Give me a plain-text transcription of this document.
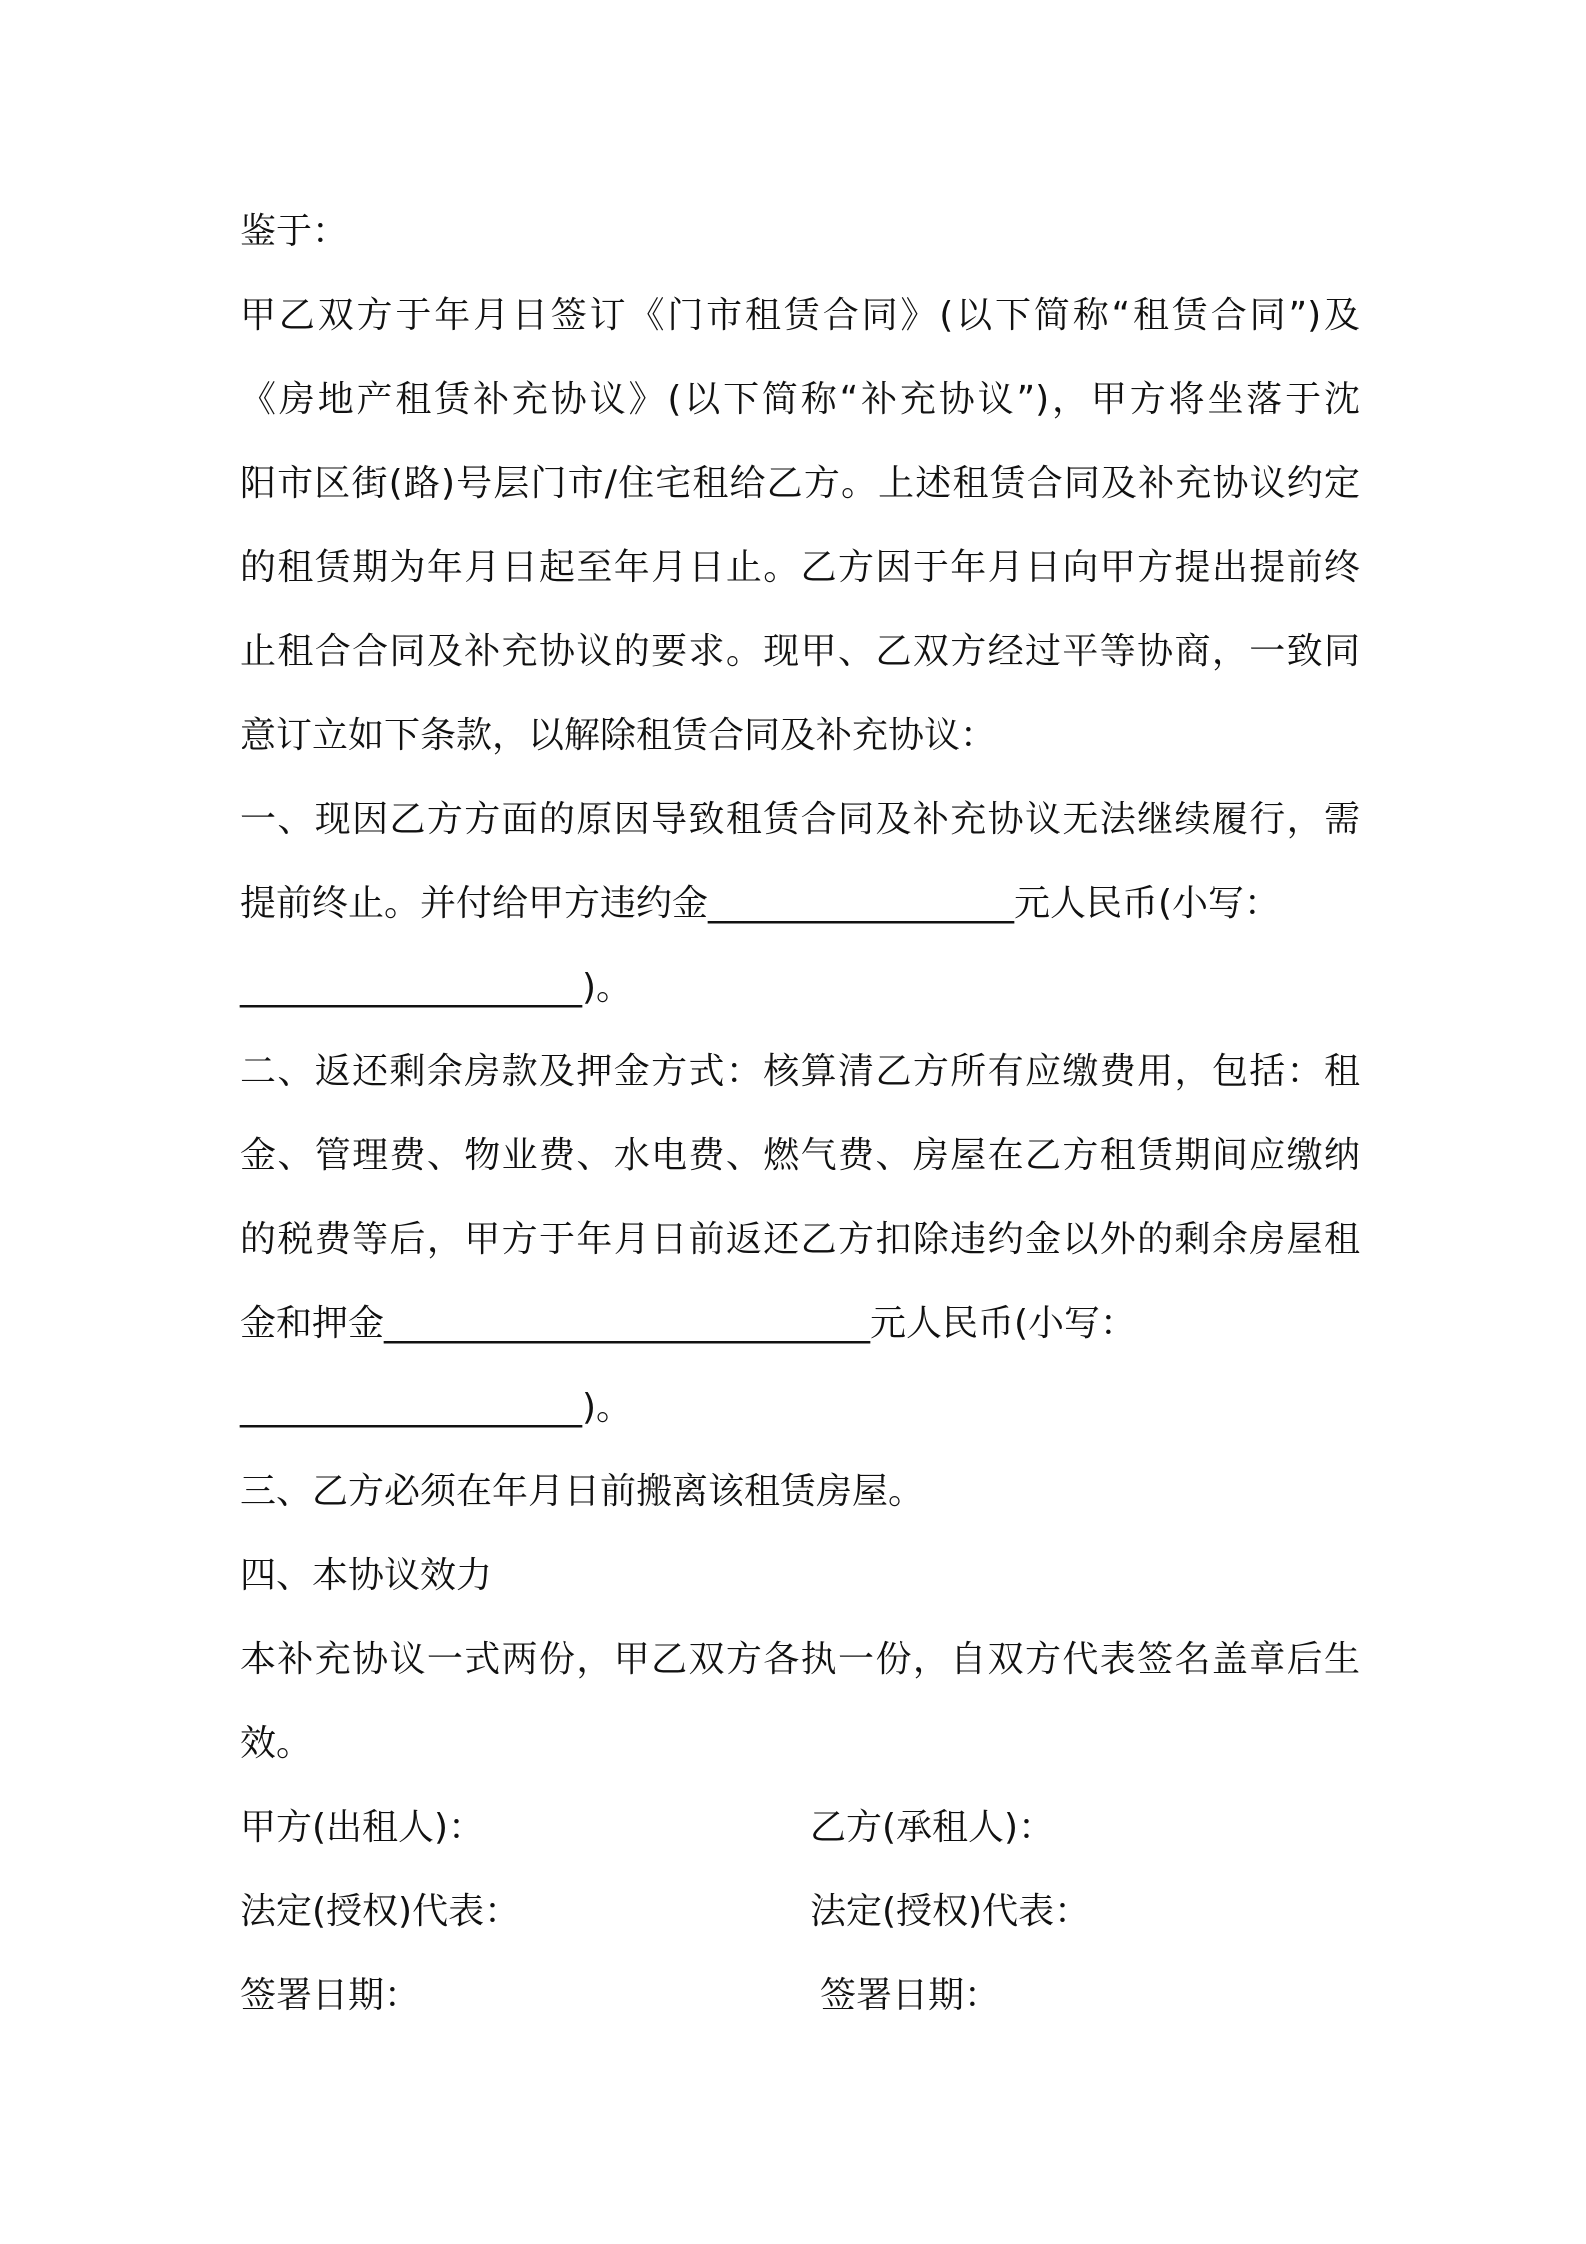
鉴于：

甲乙双方于年月日签订《门市租赁合同》(以下简称“租赁合同”)及

《房地产租赁补充协议》(以下简称“补充协议”)，甲方将坐落于沈

阳市区街(路)号层门市/住宅租给乙方。上述租赁合同及补充协议约定

的租赁期为年月日起至年月日止。乙方因于年月日向甲方提出提前终

止租合合同及补充协议的要求。现甲、乙双方经过平等协商，一致同

意订立如下条款，以解除租赁合同及补充协议：

一、现因乙方方面的原因导致租赁合同及补充协议无法继续履行，需

提前终止。并付给甲方违约金_________________元人民币(小写：

___________________)。

二、返还剩余房款及押金方式：核算清乙方所有应缴费用，包括：租

金、管理费、物业费、水电费、燃气费、房屋在乙方租赁期间应缴纳

的税费等后，甲方于年月日前返还乙方扣除违约金以外的剩余房屋租

金和押金___________________________元人民币(小写：

___________________)。

三、乙方必须在年月日前搬离该租赁房屋。

四、本协议效力

本补充协议一式两份，甲乙双方各执一份，自双方代表签名盖章后生

效。

甲方(出租人)：	乙方(承租人)：
法定(授权)代表：	法定(授权)代表：
签署日期：	签署日期：
